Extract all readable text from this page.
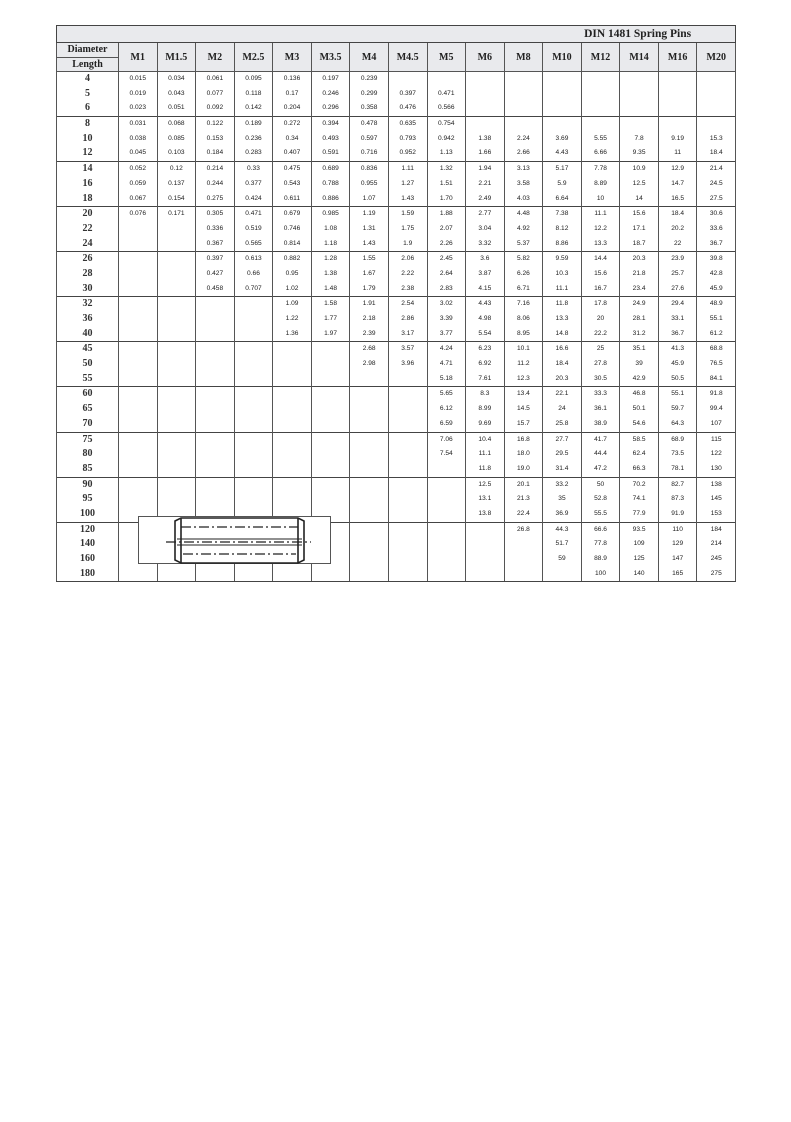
DIN 1481 Spring Pins																

Diameter
Length	M1	M1.5	M2	M2.5	M3	M3.5	M4	M4.5	M5	M6	M8	M10	M12	M14	M16	M20
4	0.015	0.034	0.061	0.095	0.136	0.197	0.239									
5	0.019	0.043	0.077	0.118	0.17	0.246	0.299	0.397	0.471							
6	0.023	0.051	0.092	0.142	0.204	0.296	0.358	0.476	0.566							
8	0.031	0.068	0.122	0.189	0.272	0.394	0.478	0.635	0.754							
10	0.038	0.085	0.153	0.236	0.34	0.493	0.597	0.793	0.942	1.38	2.24	3.69	5.55	7.8	9.19	15.3
12	0.045	0.103	0.184	0.283	0.407	0.591	0.716	0.952	1.13	1.66	2.66	4.43	6.66	9.35	11	18.4
14	0.052	0.12	0.214	0.33	0.475	0.689	0.836	1.11	1.32	1.94	3.13	5.17	7.78	10.9	12.9	21.4
16	0.059	0.137	0.244	0.377	0.543	0.788	0.955	1.27	1.51	2.21	3.58	5.9	8.89	12.5	14.7	24.5
18	0.067	0.154	0.275	0.424	0.611	0.886	1.07	1.43	1.70	2.49	4.03	6.64	10	14	16.5	27.5
20	0.076	0.171	0.305	0.471	0.679	0.985	1.19	1.59	1.88	2.77	4.48	7.38	11.1	15.6	18.4	30.6
22			0.336	0.519	0.746	1.08	1.31	1.75	2.07	3.04	4.92	8.12	12.2	17.1	20.2	33.6
24			0.367	0.565	0.814	1.18	1.43	1.9	2.26	3.32	5.37	8.86	13.3	18.7	22	36.7
26			0.397	0.613	0.882	1.28	1.55	2.06	2.45	3.6	5.82	9.59	14.4	20.3	23.9	39.8
28			0.427	0.66	0.95	1.38	1.67	2.22	2.64	3.87	6.26	10.3	15.6	21.8	25.7	42.8
30			0.458	0.707	1.02	1.48	1.79	2.38	2.83	4.15	6.71	11.1	16.7	23.4	27.6	45.9
32					1.09	1.58	1.91	2.54	3.02	4.43	7.16	11.8	17.8	24.9	29.4	48.9
36					1.22	1.77	2.18	2.86	3.39	4.98	8.06	13.3	20	28.1	33.1	55.1
40					1.36	1.97	2.39	3.17	3.77	5.54	8.95	14.8	22.2	31.2	36.7	61.2
45							2.68	3.57	4.24	6.23	10.1	16.6	25	35.1	41.3	68.8
50							2.98	3.96	4.71	6.92	11.2	18.4	27.8	39	45.9	76.5
55									5.18	7.61	12.3	20.3	30.5	42.9	50.5	84.1
60									5.65	8.3	13.4	22.1	33.3	46.8	55.1	91.8
65									6.12	8.99	14.5	24	36.1	50.1	59.7	99.4
70									6.59	9.69	15.7	25.8	38.9	54.6	64.3	107
75									7.06	10.4	16.8	27.7	41.7	58.5	68.9	115
80									7.54	11.1	18.0	29.5	44.4	62.4	73.5	122
85										11.8	19.0	31.4	47.2	66.3	78.1	130
90										12.5	20.1	33.2	50	70.2	82.7	138
95										13.1	21.3	35	52.8	74.1	87.3	145
100										13.8	22.4	36.9	55.5	77.9	91.9	153
120											26.8	44.3	66.6	93.5	110	184
140												51.7	77.8	109	129	214
160												59	88.9	125	147	245
180													100	140	165	275
